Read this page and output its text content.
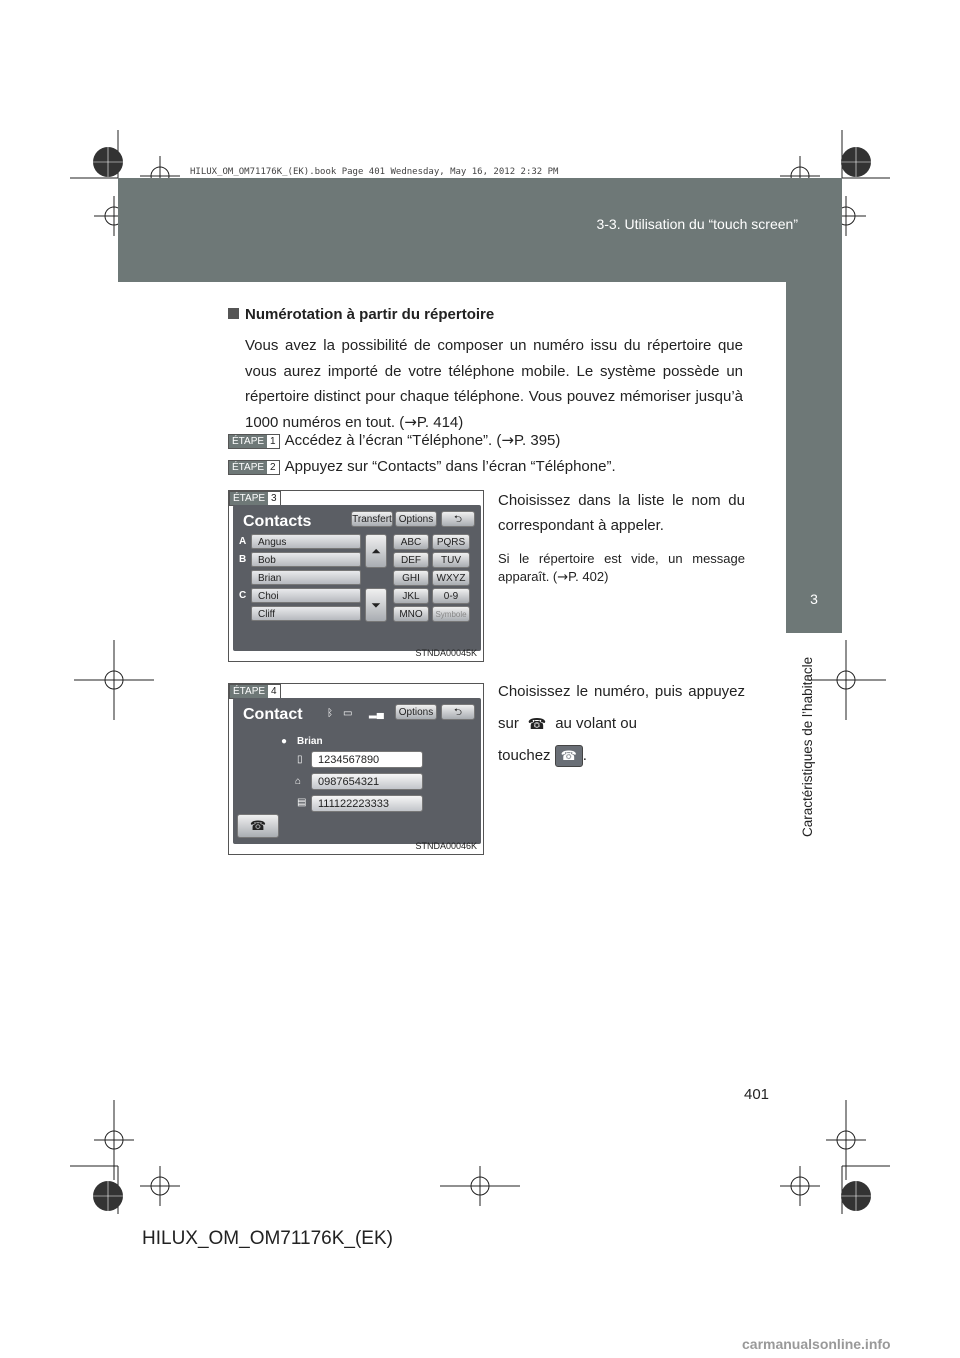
3-3. Utilisation du “touch screen”
HILUX_OM_OM71176K_(EK).book Page 401 Wednesday, May 16, 2012 2:32 PM
3
Caractéristiques de l’habitacle
Numérotation à partir du répertoire
Vous avez la possibilité de composer un numéro issu du répertoire que vous aurez importé de votre téléphone mobile. Le système possède un répertoire distinct pour chaque téléphone. Vous pouvez mémoriser jusqu’à 1000 numéros en tout. (→P. 414)
ÉTAPE 1 Accédez à l’écran “Téléphone”. (→P. 395)
ÉTAPE 2 Appuyez sur “Contacts” dans l’écran “Téléphone”.
ÉTAPE 3
Contacts	Transfert Options	⮌
A
B
C
Angus
Bob
Brian
Choi
Cliff
⏶
⏷
ABC	PQRS
DEF	TUV
GHI	WXYZ
JKL	0-9
MNO	Symbole
STNDA00045K
Choisissez dans la liste le nom du correspondant à appeler.
Si le répertoire est vide, un message apparaît. (→P. 402)
ÉTAPE 4
Contact ᛒ ▭ ▂▄	Options	⮌
● Brian
▯
⌂
▤
1234567890
0987654321
111122223333
☎
STNDA00046K
Choisissez le numéro, puis appuyez sur ☎ au volant ou
touchez ☎ .
401
HILUX_OM_OM71176K_(EK)
carmanualsonline.info
